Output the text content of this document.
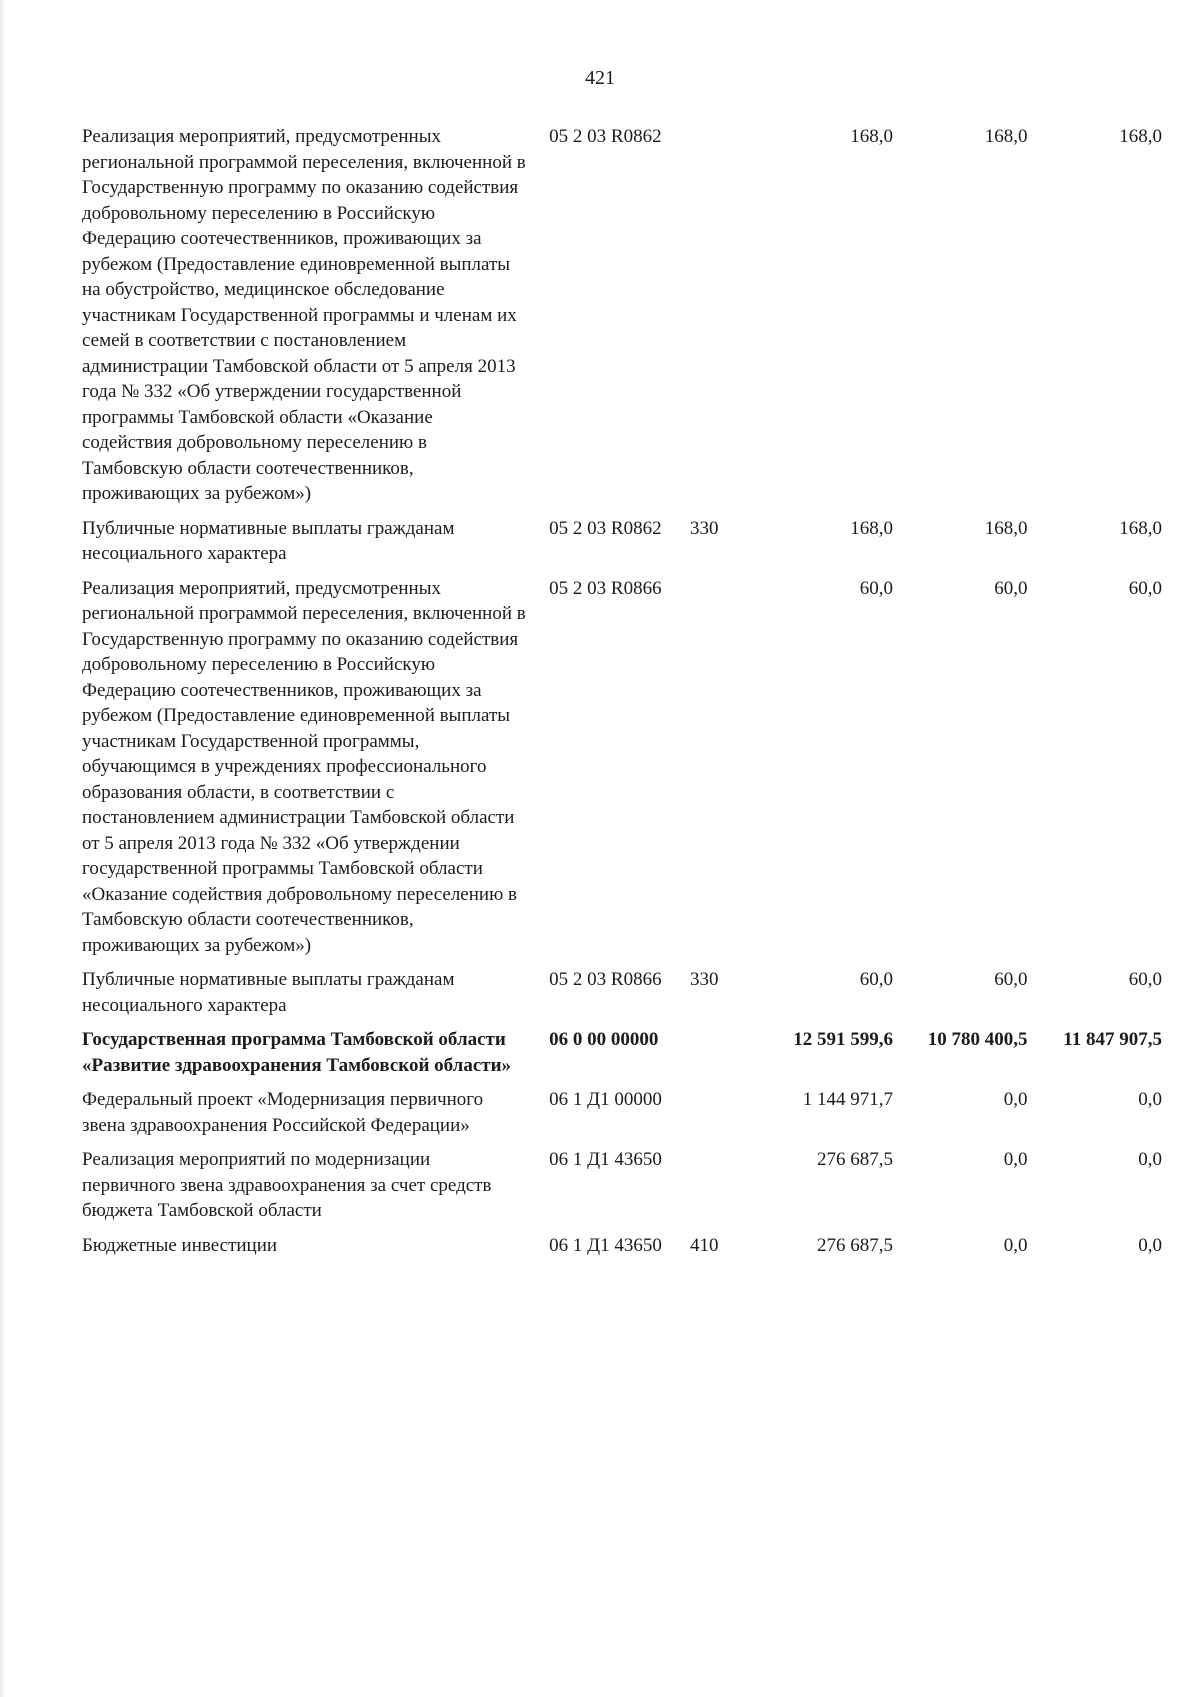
421
Реализация мероприятий, предусмотренных региональной программой переселения, включенной в Государственную программу по оказанию содействия добровольному переселению в Российскую Федерацию соотечественников, проживающих за рубежом (Предоставление единовременной выплаты на обустройство, медицинское обследование участникам Государственной программы и членам их семей в соответствии с постановлением администрации Тамбовской области от 5 апреля 2013 года № 332 «Об утверждении государственной программы Тамбовской области «Оказание содействия добровольному переселению в Тамбовскую области соотечественников, проживающих за рубежом»)	05 2 03 R0862		168,0	168,0	168,0
Публичные нормативные выплаты гражданам несоциального характера	05 2 03 R0862	330	168,0	168,0	168,0
Реализация мероприятий, предусмотренных региональной программой переселения, включенной в Государственную программу по оказанию содействия добровольному переселению в Российскую Федерацию соотечественников, проживающих за рубежом (Предоставление единовременной выплаты участникам Государственной программы, обучающимся в учреждениях профессионального образования области, в соответствии с постановлением администрации Тамбовской области от 5 апреля 2013 года № 332 «Об утверждении государственной программы Тамбовской области «Оказание содействия добровольному переселению в Тамбовскую области соотечественников, проживающих за рубежом»)	05 2 03 R0866		60,0	60,0	60,0
Публичные нормативные выплаты гражданам несоциального характера	05 2 03 R0866	330	60,0	60,0	60,0
Государственная программа Тамбовской области «Развитие здравоохранения Тамбовской области»	06 0 00 00000		12 591 599,6	10 780 400,5	11 847 907,5
Федеральный проект «Модернизация первичного звена здравоохранения Российской Федерации»	06 1 Д1 00000		1 144 971,7	0,0	0,0
Реализация мероприятий по модернизации первичного звена здравоохранения за счет средств бюджета Тамбовской области	06 1 Д1 43650		276 687,5	0,0	0,0
Бюджетные инвестиции	06 1 Д1 43650	410	276 687,5	0,0	0,0
